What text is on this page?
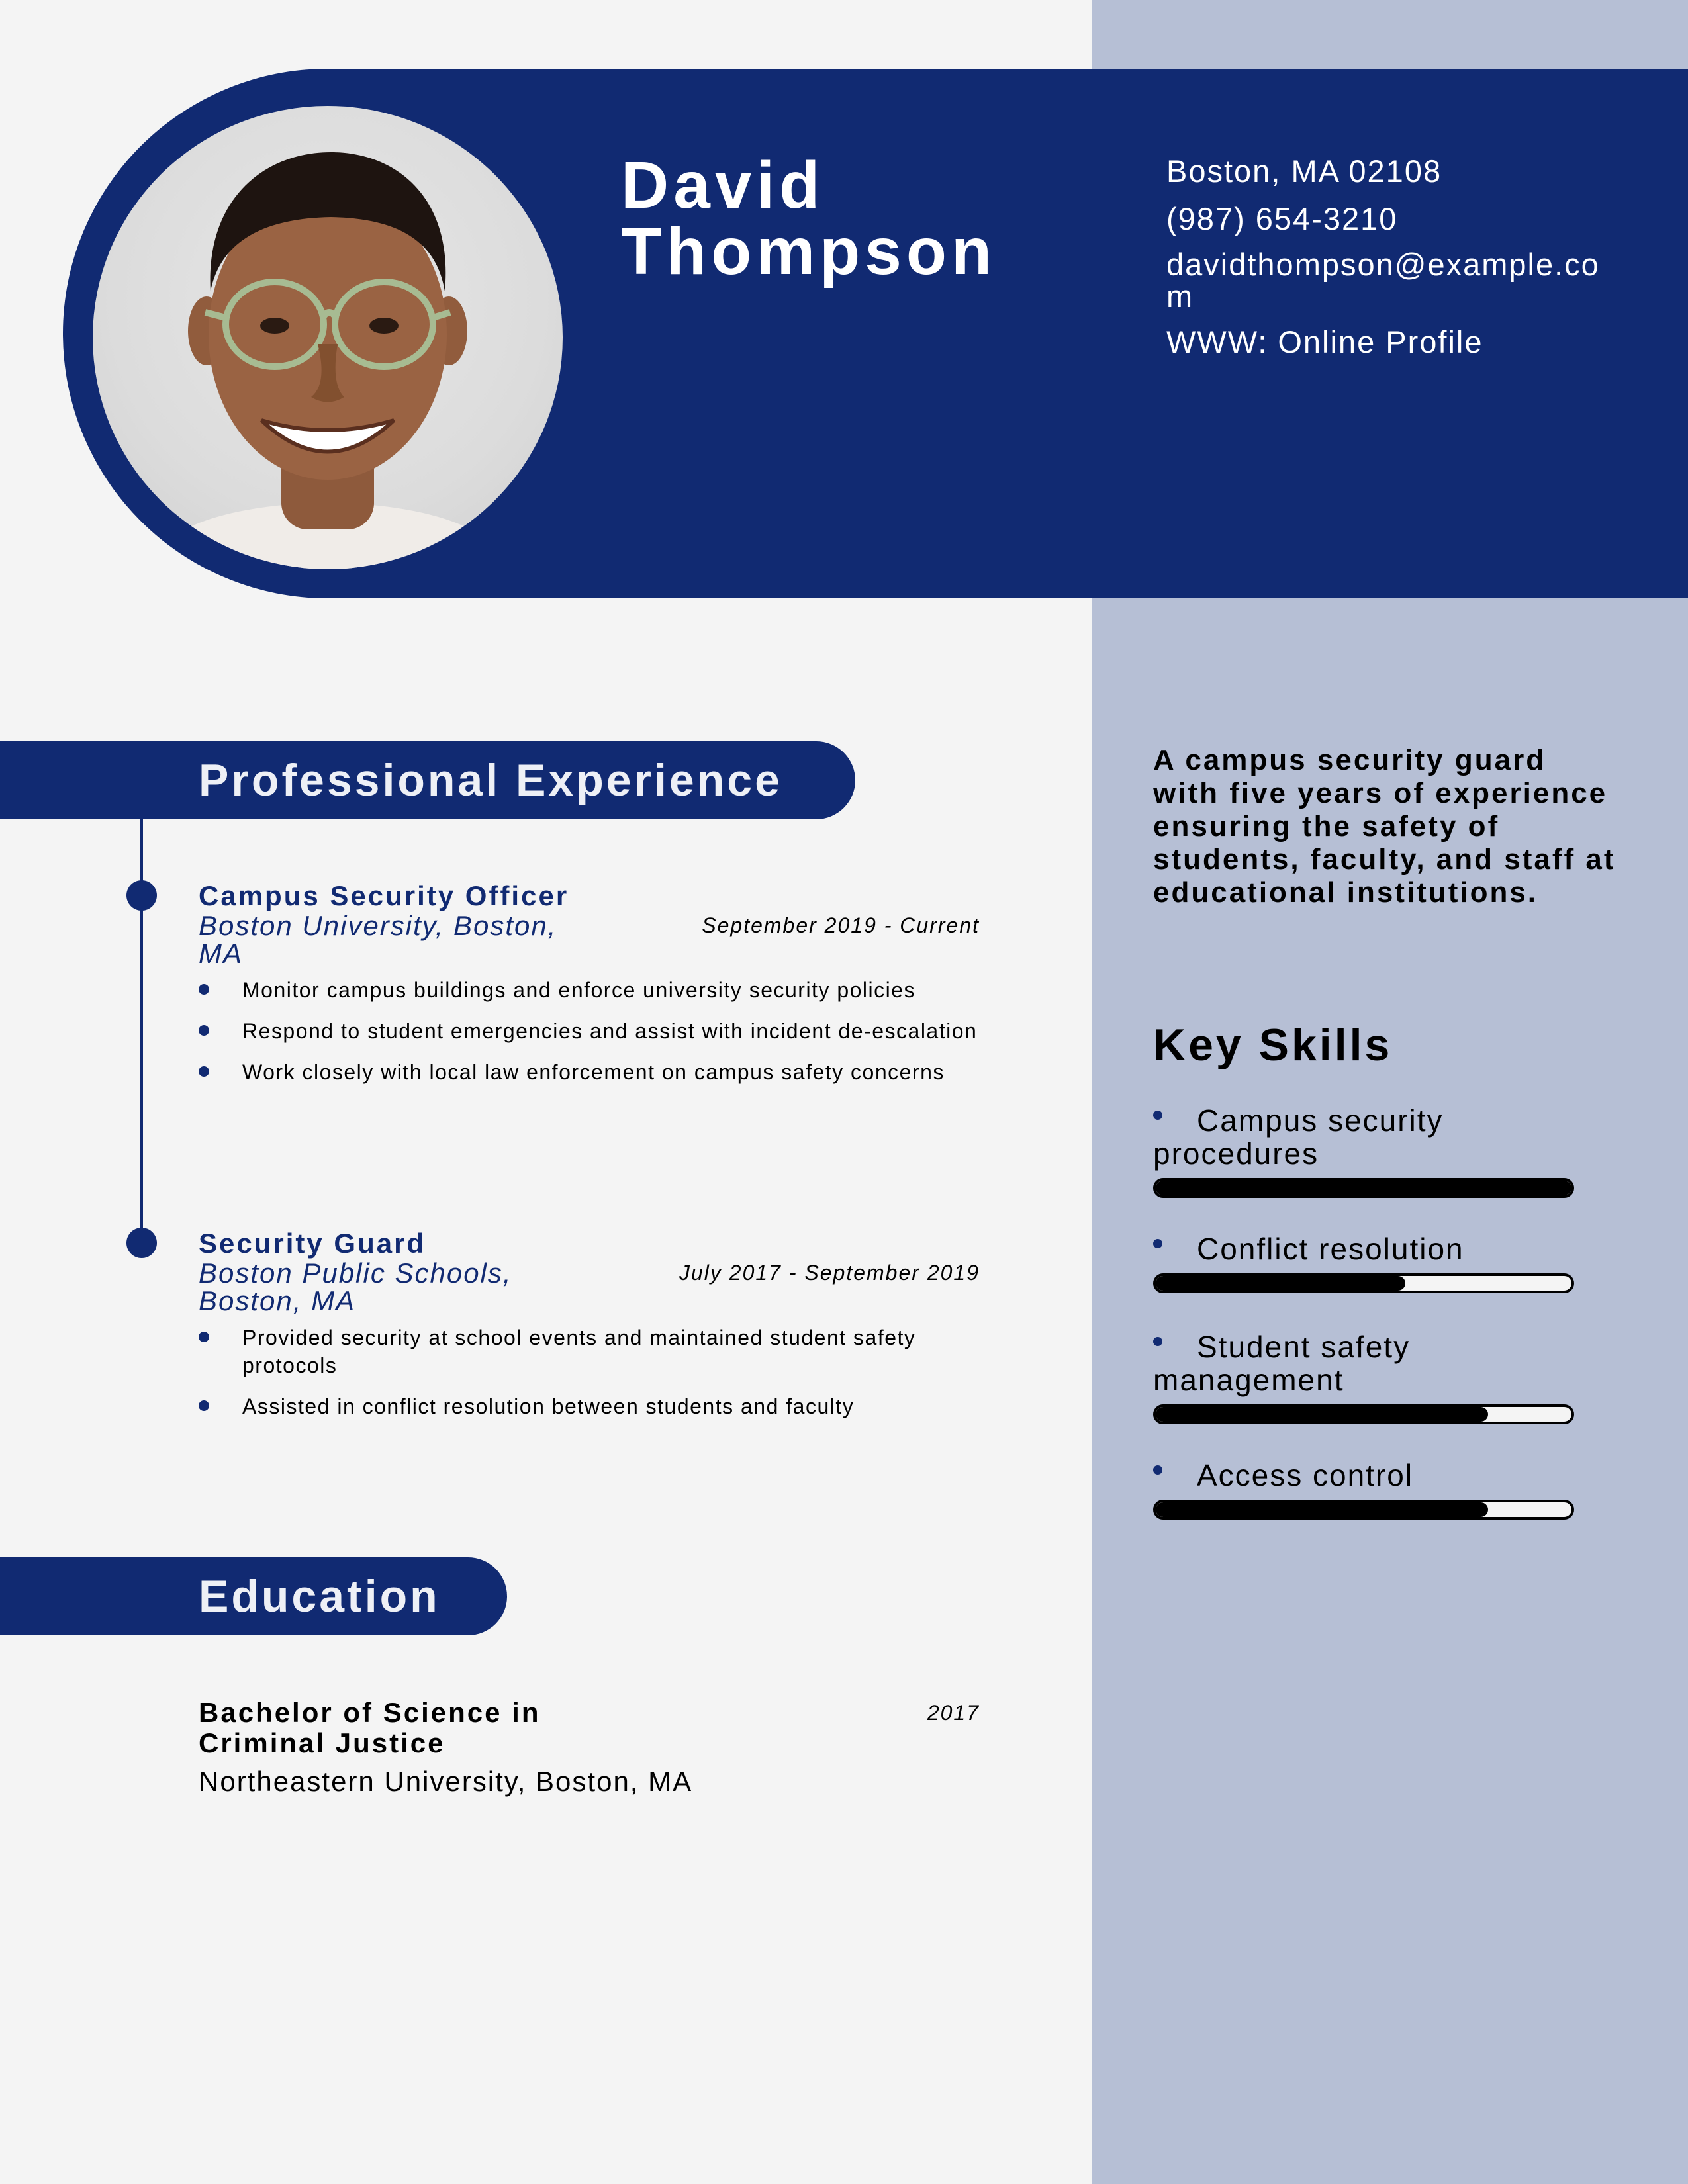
David
Thompson
Boston, MA 02108
(987) 654-3210
davidthompson@example.com
WWW: Online Profile
Professional Experience
Campus Security Officer
Boston University, Boston, MA
September 2019 - Current
Monitor campus buildings and enforce university security policies
Respond to student emergencies and assist with incident de-escalation
Work closely with local law enforcement on campus safety concerns
Security Guard
Boston Public Schools, Boston, MA
July 2017 - September 2019
Provided security at school events and maintained student safety protocols
Assisted in conflict resolution between students and faculty
Education
Bachelor of Science in Criminal Justice
2017
Northeastern University, Boston, MA
A campus security guard with five years of experience ensuring the safety of students, faculty, and staff at educational institutions.
Key Skills
Campus security procedures
Conflict resolution
Student safety management
Access control
